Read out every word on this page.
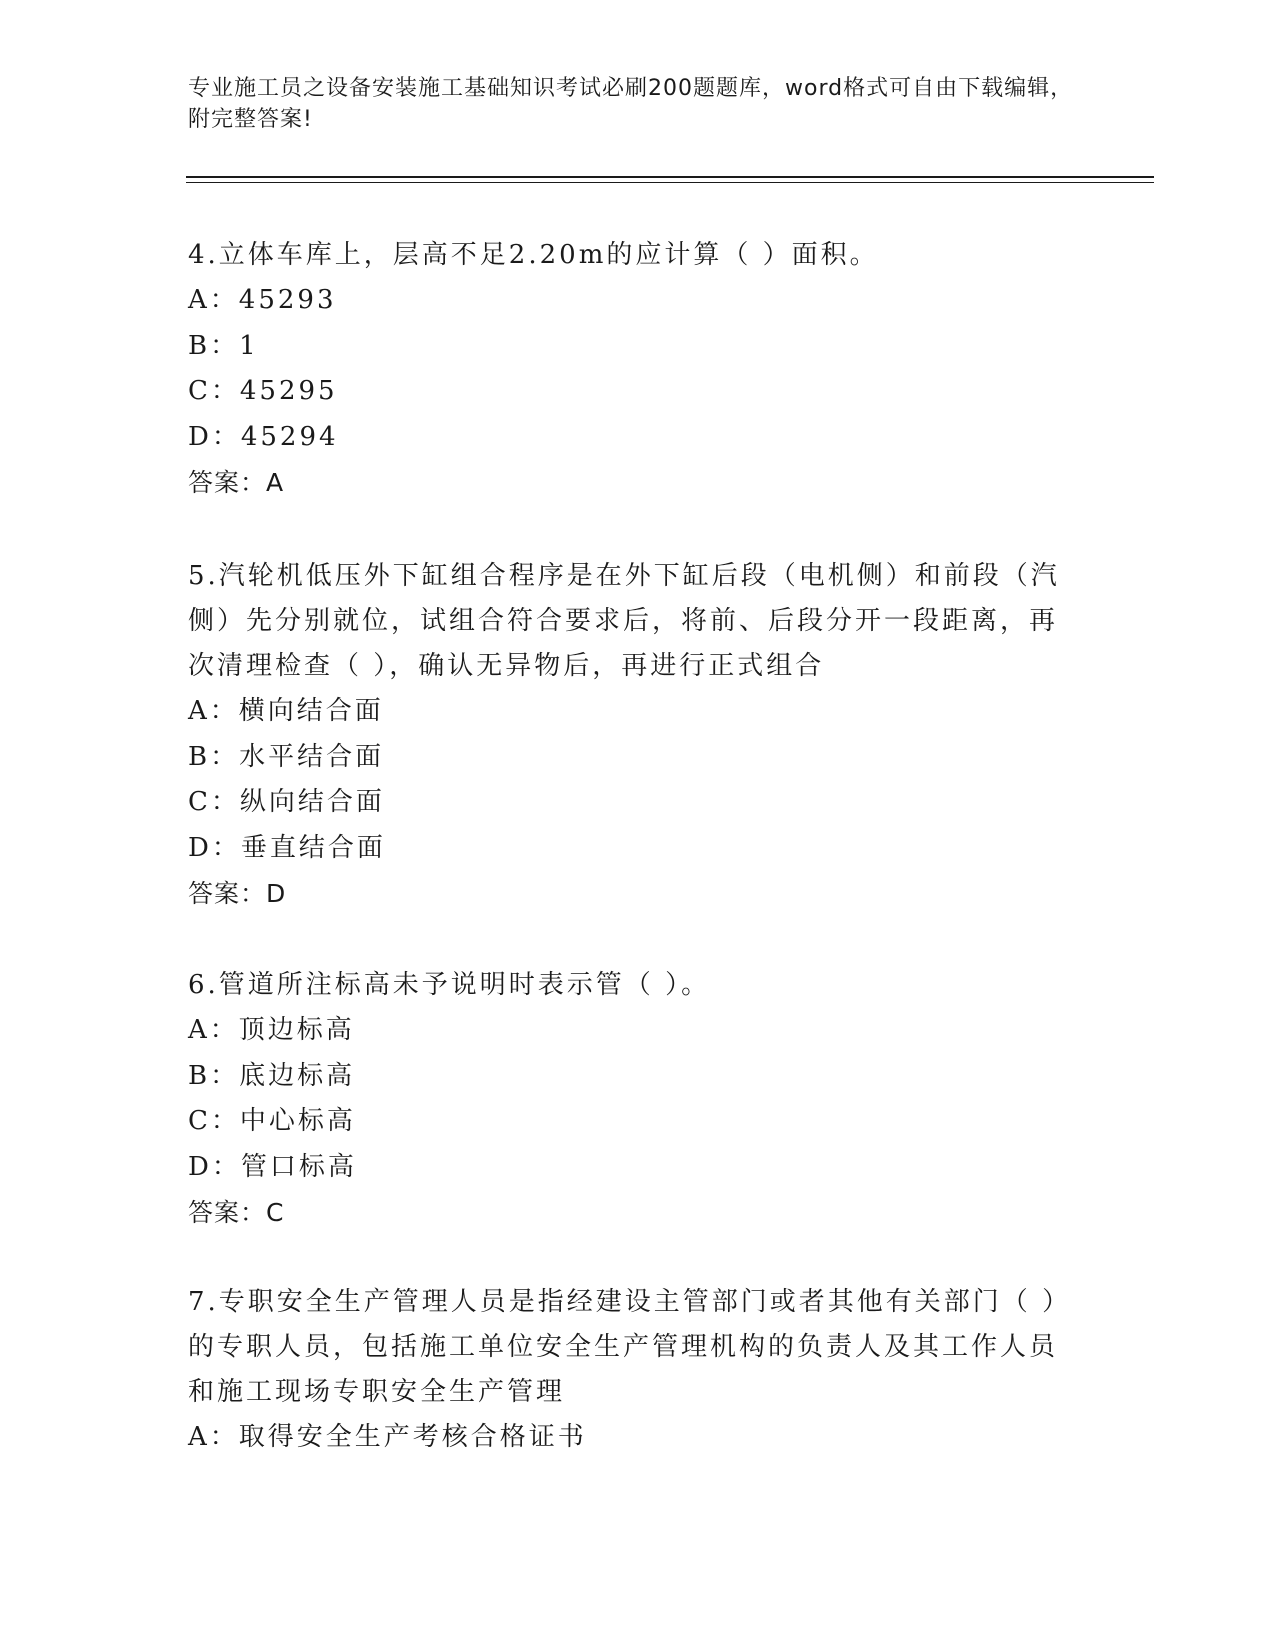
专业施工员之设备安装施工基础知识考试必刷200题题库，word格式可自由下载编辑，附完整答案!
4.立体车库上，层高不足2.20m的应计算（ ）面积。
A：45293
B：1
C：45295
D：45294
答案：A
5.汽轮机低压外下缸组合程序是在外下缸后段（电机侧）和前段（汽侧）先分别就位，试组合符合要求后，将前、后段分开一段距离，再次清理检查（ ），确认无异物后，再进行正式组合
A：横向结合面
B：水平结合面
C：纵向结合面
D：垂直结合面
答案：D
6.管道所注标高未予说明时表示管（ ）。
A：顶边标高
B：底边标高
C：中心标高
D：管口标高
答案：C
7.专职安全生产管理人员是指经建设主管部门或者其他有关部门（ ）的专职人员，包括施工单位安全生产管理机构的负责人及其工作人员和施工现场专职安全生产管理
A：取得安全生产考核合格证书
